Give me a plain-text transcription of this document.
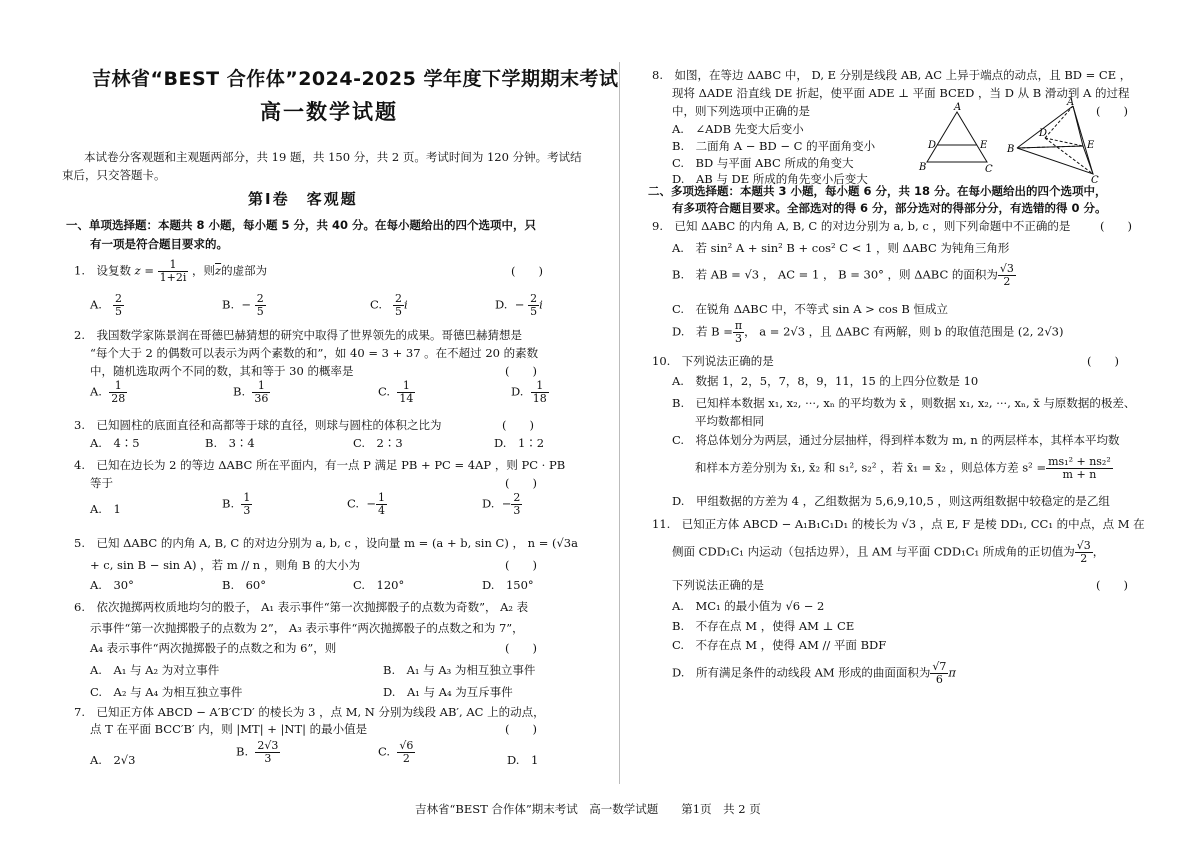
吉林省“BEST 合作体”2024-2025 学年度下学期期末考试
高一数学试题
本试卷分客观题和主观题两部分，共 19 题，共 150 分，共 2 页。考试时间为 120 分钟。考试结束后，只交答题卡。
第Ⅰ卷　客观题
一、单项选择题：本题共 8 小题，每小题 5 分，共 40 分。在每小题给出的四个选项中，只
有一项是符合题目要求的。
1.　设复数 $z = \frac{1}{1+2i}$ ，则$\overline{z}$的虚部为	(　　)
A. $\frac{2}{5}$	B. − $\frac{2}{5}$	C. $\frac{2}{5}$ i	D. − $\frac{2}{5}$ i
2.　我国数学家陈景润在哥德巴赫猜想的研究中取得了世界领先的成果。哥德巴赫猜想是
“每个大于 2 的偶数可以表示为两个素数的和”，如 40 = 3 + 37 。在不超过 20 的素数
中，随机选取两个不同的数，其和等于 30 的概率是	(　　)
A. $\frac{1}{28}$	B. $\frac{1}{36}$	C. $\frac{1}{14}$	D. $\frac{1}{18}$
3.　已知圆柱的底面直径和高都等于球的直径，则球与圆柱的体积之比为	(　　)
A.　4∶5	B.　3∶4	C.　2∶3	D.　1∶2
4.　已知在边长为 2 的等边 ΔABC 所在平面内，有一点 P 满足 PB + PC = 4AP ，则 PC · PB
等于	(　　)
A.　1	B. $\frac{1}{3}$	C. − $\frac{1}{4}$	D. − $\frac{2}{3}$
5.　已知 ΔABC 的内角 A, B, C 的对边分别为 a, b, c ，设向量 m = (a + b, sin C) ， n = (√3a
+ c, sin B − sin A) ，若 m // n ，则角 B 的大小为	(　　)
A.　30°	B.　60°	C.　120°	D.　150°
6.　依次抛掷两枚质地均匀的骰子， A₁ 表示事件“第一次抛掷骰子的点数为奇数”， A₂ 表
示事件“第一次抛掷骰子的点数为 2”， A₃ 表示事件“两次抛掷骰子的点数之和为 7”，
A₄ 表示事件“两次抛掷骰子的点数之和为 6”，则	(　　)
A.　A₁ 与 A₂ 为对立事件	B.　A₁ 与 A₃ 为相互独立事件
C.　A₂ 与 A₄ 为相互独立事件	D.　A₁ 与 A₄ 为互斥事件
7.　已知正方体 ABCD − A′B′C′D′ 的棱长为 3 ，点 M, N 分别为线段 AB′, AC 上的动点，
点 T 在平面 BCC′B′ 内，则 |MT| + |NT| 的最小值是	(　　)
A.　2√3
B. $\frac{2√3}{3}$	C. $\frac{√6}{2}$	D.　1
8.　如图，在等边 ΔABC 中， D, E 分别是线段 AB, AC 上异于端点的动点，且 BD = CE ，
现将 ΔADE 沿直线 DE 折起，使平面 ADE ⊥ 平面 BCED ，当 D 从 B 滑动到 A 的过程
中，则下列选项中正确的是	(　　)
A.　∠ADB 先变大后变小
B.　二面角 A − BD − C 的平面角变小
C.　BD 与平面 ABC 所成的角变大
D.　AB 与 DE 所成的角先变小后变大
A
D	E
B	C
A
D
E
B
C
二、多项选择题：本题共 3 小题，每小题 6 分，共 18 分。在每小题给出的四个选项中，
有多项符合题目要求。全部选对的得 6 分，部分选对的得部分分，有选错的得 0 分。
9.　已知 ΔABC 的内角 A, B, C 的对边分别为 a, b, c ，则下列命题中不正确的是	(　　)
A.　若 sin² A + sin² B + cos² C < 1 ，则 ΔABC 为钝角三角形
B.　若 AB = √3 ， AC = 1 ， B = 30° ，则 ΔABC 的面积为 $\frac{√3}{2}$
C.　在锐角 ΔABC 中，不等式 sin A > cos B 恒成立
D.　若 $B = \frac{\pi}{3}$ ， a = 2√3 ，且 ΔABC 有两解，则 b 的取值范围是 (2, 2√3)
10.　下列说法正确的是	(　　)
A.　数据 1，2，5，7，8，9，11，15 的上四分位数是 10
B.　已知样本数据 x₁, x₂, ···, xₙ 的平均数为 x̄ ，则数据 x₁, x₂, ···, xₙ, x̄ 与原数据的极差、
平均数都相同
C.　将总体划分为两层，通过分层抽样，得到样本数为 m, n 的两层样本，其样本平均数
和样本方差分别为 x̄₁, x̄₂ 和 s₁², s₂² ，若 x̄₁ = x̄₂ ，则总体方差 $s^2 = \frac{\text{ms₁² + ns₂²}}{m + n}$
D.　甲组数据的方差为 4 ，乙组数据为 5,6,9,10,5 ，则这两组数据中较稳定的是乙组
11.　已知正方体 ABCD − A₁B₁C₁D₁ 的棱长为 √3 ，点 E, F 是棱 DD₁, CC₁ 的中点，点 M 在
侧面 CDD₁C₁ 内运动（包括边界），且 AM 与平面 CDD₁C₁ 所成角的正切值为 $\frac{√3}{2}$ ，
下列说法正确的是	(　　)
A.　MC₁ 的最小值为 √6 − 2
B.　不存在点 M ，使得 AM ⊥ CE
C.　不存在点 M ，使得 AM // 平面 BDF
D.　所有满足条件的动线段 AM 形成的曲面面积为 $\frac{√7}{6}$ π
吉林省“BEST 合作体”期末考试　高一数学试题　　第1页　共 2 页
